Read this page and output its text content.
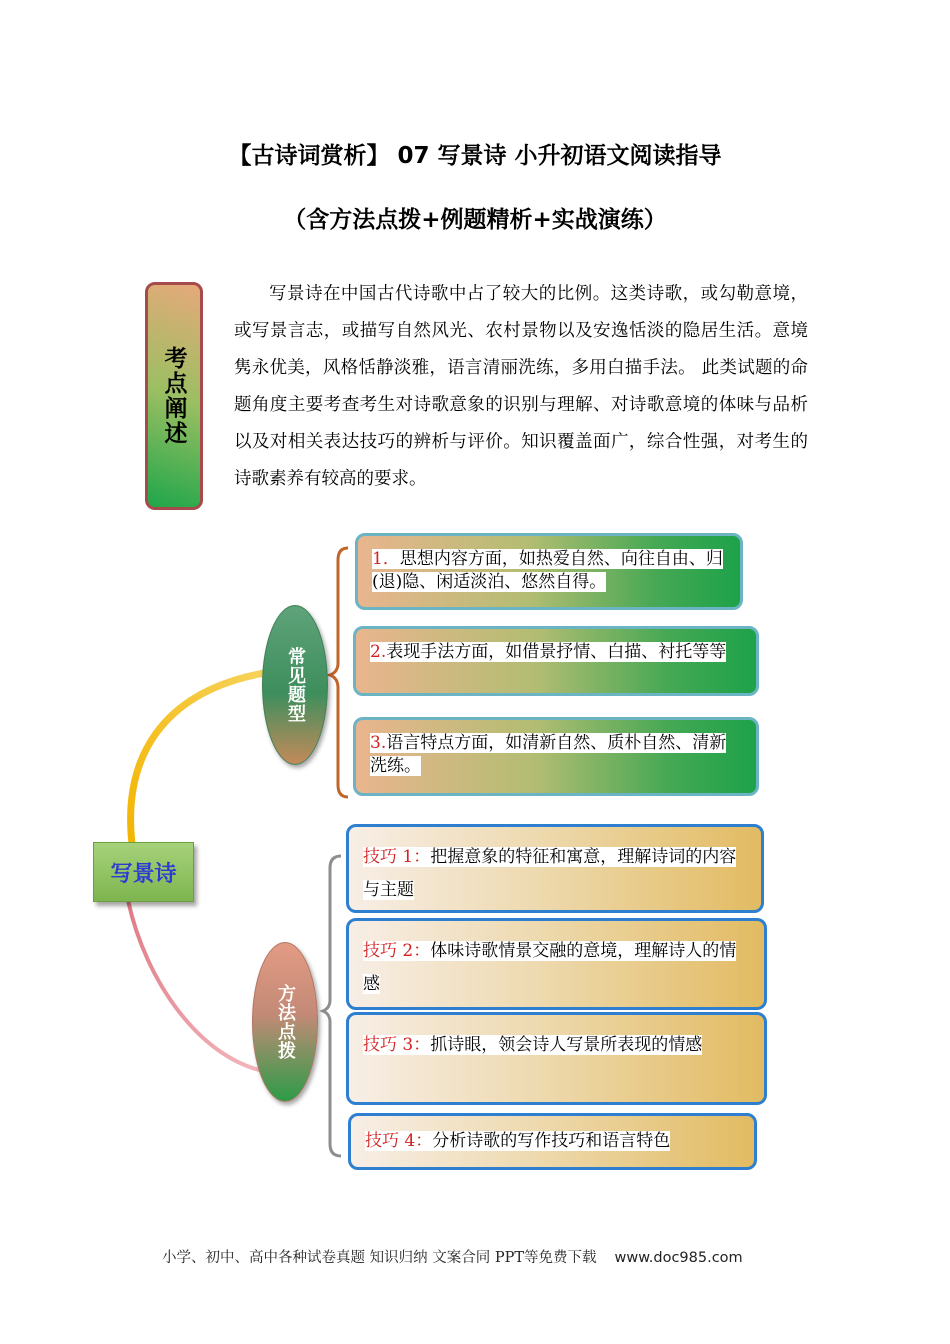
【古诗词赏析】 07 写景诗 小升初语文阅读指导
（含方法点拨+例题精析+实战演练）
考点阐述

写景诗在中国古代诗歌中占了较大的比例。这类诗歌，或勾勒意境，或写景言志，或描写自然风光、农村景物以及安逸恬淡的隐居生活。意境隽永优美，风格恬静淡雅，语言清丽洗练，多用白描手法。 此类试题的命题角度主要考查考生对诗歌意象的识别与理解、对诗歌意境的体味与品析以及对相关表达技巧的辨析与评价。知识覆盖面广，综合性强，对考生的诗歌素养有较高的要求。

写景诗
常见题型
方法点拨
1．思想内容方面，如热爱自然、向往自由、归(退)隐、闲适淡泊、悠然自得。
2.表现手法方面，如借景抒情、白描、衬托等等
3.语言特点方面，如清新自然、质朴自然、清新洗练。
技巧 1：把握意象的特征和寓意，理解诗词的内容与主题
技巧 2：体味诗歌情景交融的意境，理解诗人的情感
技巧 3：抓诗眼，领会诗人写景所表现的情感
技巧 4：分析诗歌的写作技巧和语言特色
小学、初中、高中各种试卷真题 知识归纳 文案合同 PPT等免费下载 www.doc985.com
